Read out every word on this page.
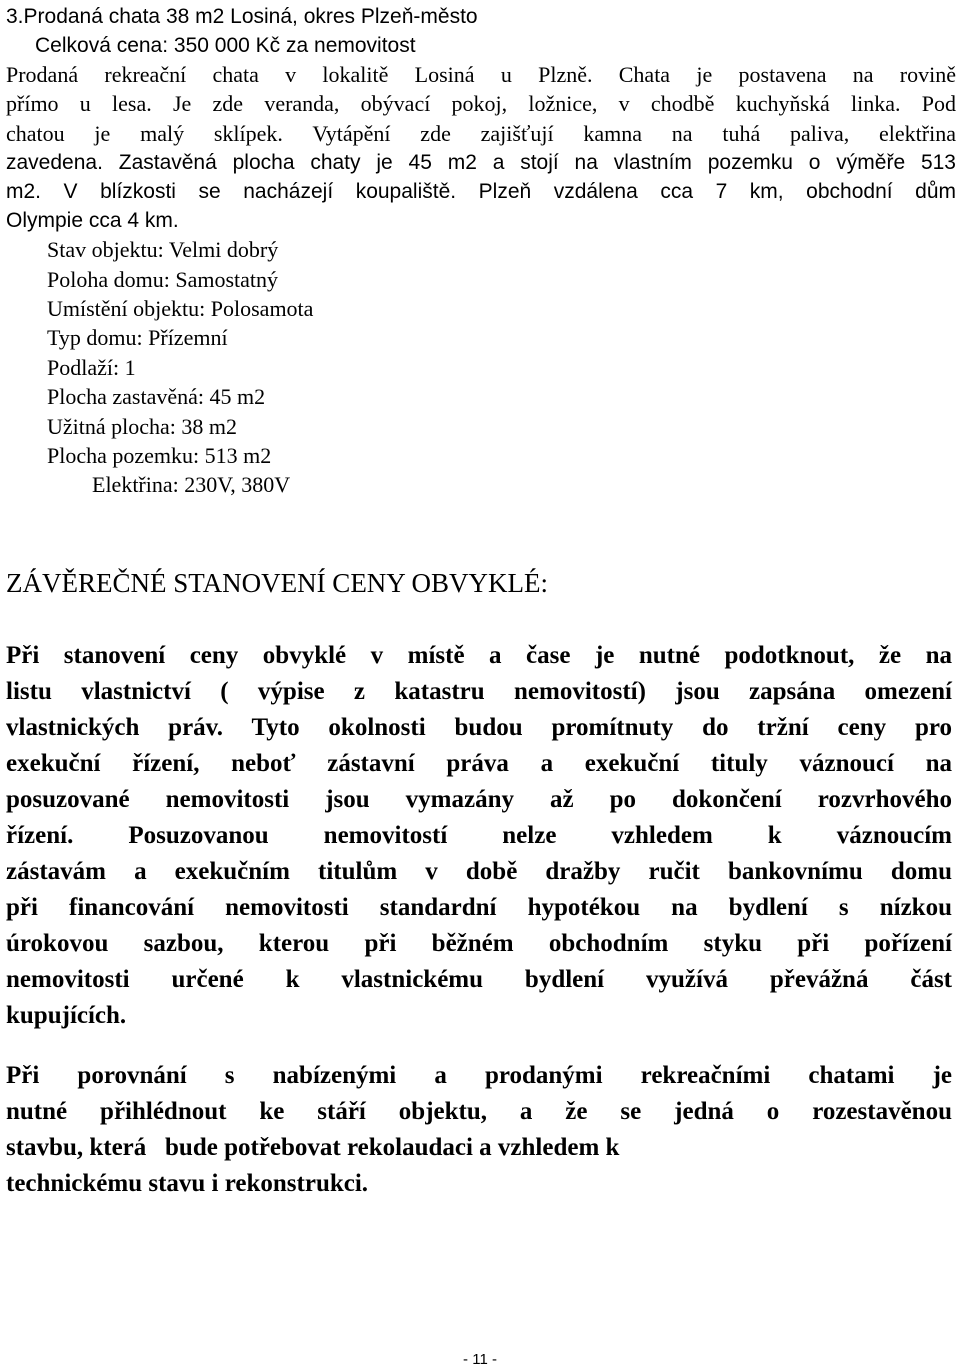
3.Prodaná chata 38 m2 Losiná, okres Plzeň-město
Celková cena: 350 000 Kč za nemovitost
Prodaná rekreační chata v lokalitě Losiná u Plzně. Chata je postavena na rovině
přímo u lesa. Je zde veranda, obývací pokoj, ložnice, v chodbě kuchyňská linka. Pod
chatou je malý sklípek. Vytápění zde zajišťují kamna na tuhá paliva, elektřina
zavedena. Zastavěná plocha chaty je 45 m2 a stojí na vlastním pozemku o výměře 513
m2. V blízkosti se nacházejí koupaliště. Plzeň vzdálena cca 7 km, obchodní dům
Olympie cca 4 km.
Stav objektu: Velmi dobrý
Poloha domu: Samostatný
Umístění objektu: Polosamota
Typ domu: Přízemní
Podlaží: 1
Plocha zastavěná: 45 m2
Užitná plocha: 38 m2
Plocha pozemku: 513 m2
Elektřina: 230V, 380V
ZÁVĚREČNÉ STANOVENÍ CENY OBVYKLÉ:
Při stanovení ceny obvyklé v místě a čase je nutné podotknout, že na
listu vlastnictví ( výpise z katastru nemovitostí) jsou zapsána omezení
vlastnických práv. Tyto okolnosti budou promítnuty do tržní ceny pro
exekuční řízení, neboť zástavní práva a exekuční tituly váznoucí na
posuzované nemovitosti jsou vymazány až po dokončení rozvrhového
řízení. Posuzovanou nemovitostí nelze vzhledem k váznoucím
zástavám a exekučním titulům v době dražby ručit bankovnímu domu
při financování nemovitosti standardní hypotékou na bydlení s nízkou
úrokovou sazbou, kterou při běžném obchodním styku při pořízení
nemovitosti určené k vlastnickému bydlení využívá převážná část
kupujících.
Při porovnání s nabízenými a prodanými rekreačními chatami je
nutné přihlédnout ke stáří objektu, a že se jedná o rozestavěnou
stavbu, která   bude potřebovat rekolaudaci a vzhledem k
technickému stavu i rekonstrukci.
- 11 -
